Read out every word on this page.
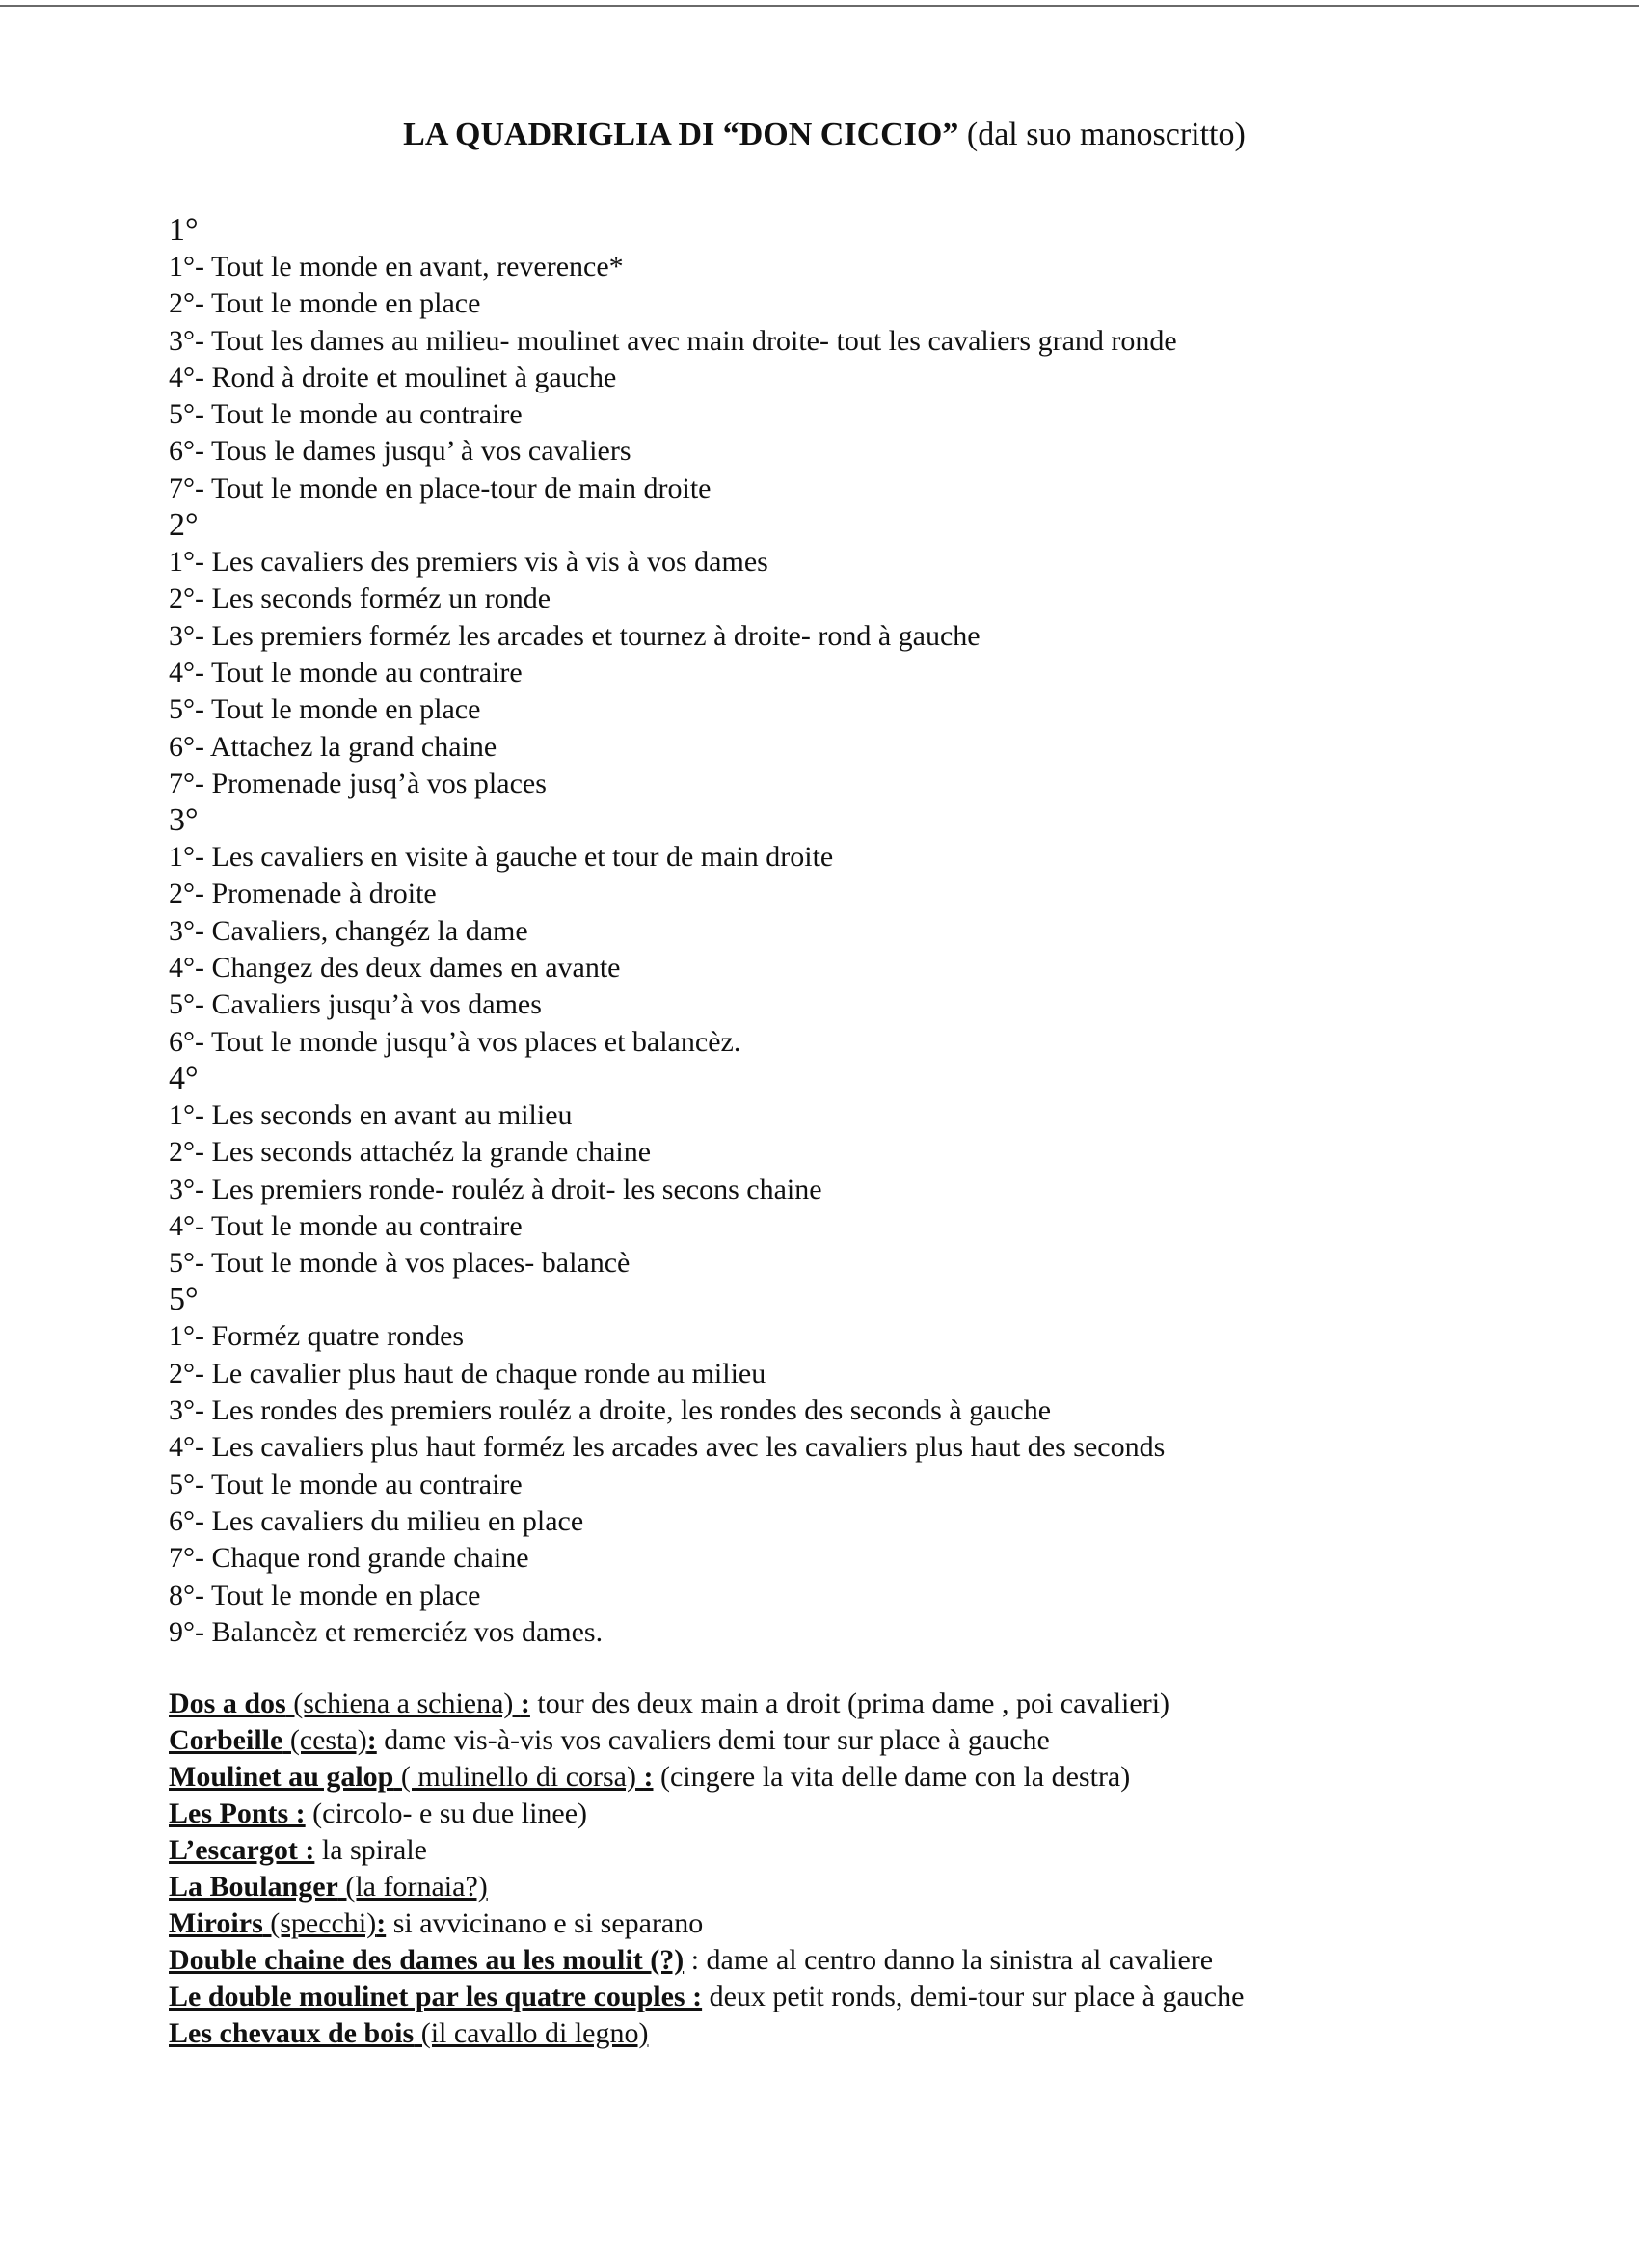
LA QUADRIGLIA DI “DON CICCIO” (dal suo manoscritto)
1°
1°- Tout le monde en avant, reverence*
2°- Tout le monde en place
3°- Tout les dames au milieu- moulinet avec main droite- tout les cavaliers grand ronde
4°- Rond à droite et moulinet à gauche
5°- Tout le monde au contraire
6°- Tous le dames jusqu’ à vos cavaliers
7°- Tout le monde en place-tour de main droite
2°
1°- Les cavaliers des premiers vis à vis à vos dames
2°- Les seconds forméz un ronde
3°- Les premiers forméz les arcades et tournez à droite- rond à gauche
4°- Tout le monde au contraire
5°- Tout le monde en place
6°- Attachez la grand chaine
7°- Promenade jusq’à vos places
3°
1°- Les cavaliers en visite à gauche et tour de main droite
2°- Promenade à droite
3°- Cavaliers, changéz la dame
4°- Changez des deux dames en avante
5°- Cavaliers jusqu’à vos dames
6°- Tout le monde jusqu’à vos places et balancèz.
4°
1°- Les seconds en avant au milieu
2°- Les seconds attachéz la grande chaine
3°- Les premiers ronde- rouléz à droit- les secons chaine
4°- Tout le monde au contraire
5°- Tout le monde à vos places- balancè
5°
1°- Forméz quatre rondes
2°- Le cavalier plus haut de chaque ronde au milieu
3°- Les rondes des premiers rouléz a droite, les rondes des seconds à gauche
4°- Les cavaliers plus haut forméz les arcades avec les cavaliers plus haut des seconds
5°- Tout le monde au contraire
6°- Les cavaliers du milieu en place
7°- Chaque rond grande chaine
8°- Tout le monde en place
9°- Balancèz et remerciéz vos dames.

Dos a dos (schiena a schiena) : tour des deux main a droit (prima dame , poi cavalieri)

Corbeille (cesta): dame vis-à-vis vos cavaliers demi tour sur place à gauche

Moulinet au galop ( mulinello di corsa) : (cingere la vita delle dame con la destra)

Les Ponts : (circolo- e su due linee)

L’escargot : la spirale

La Boulanger (la fornaia?)

Miroirs (specchi): si avvicinano e si separano

Double chaine des dames au les moulit (?) : dame al centro danno la sinistra al cavaliere

Le double moulinet par les quatre couples : deux petit ronds, demi-tour sur place à gauche

Les chevaux de bois (il cavallo di legno)
